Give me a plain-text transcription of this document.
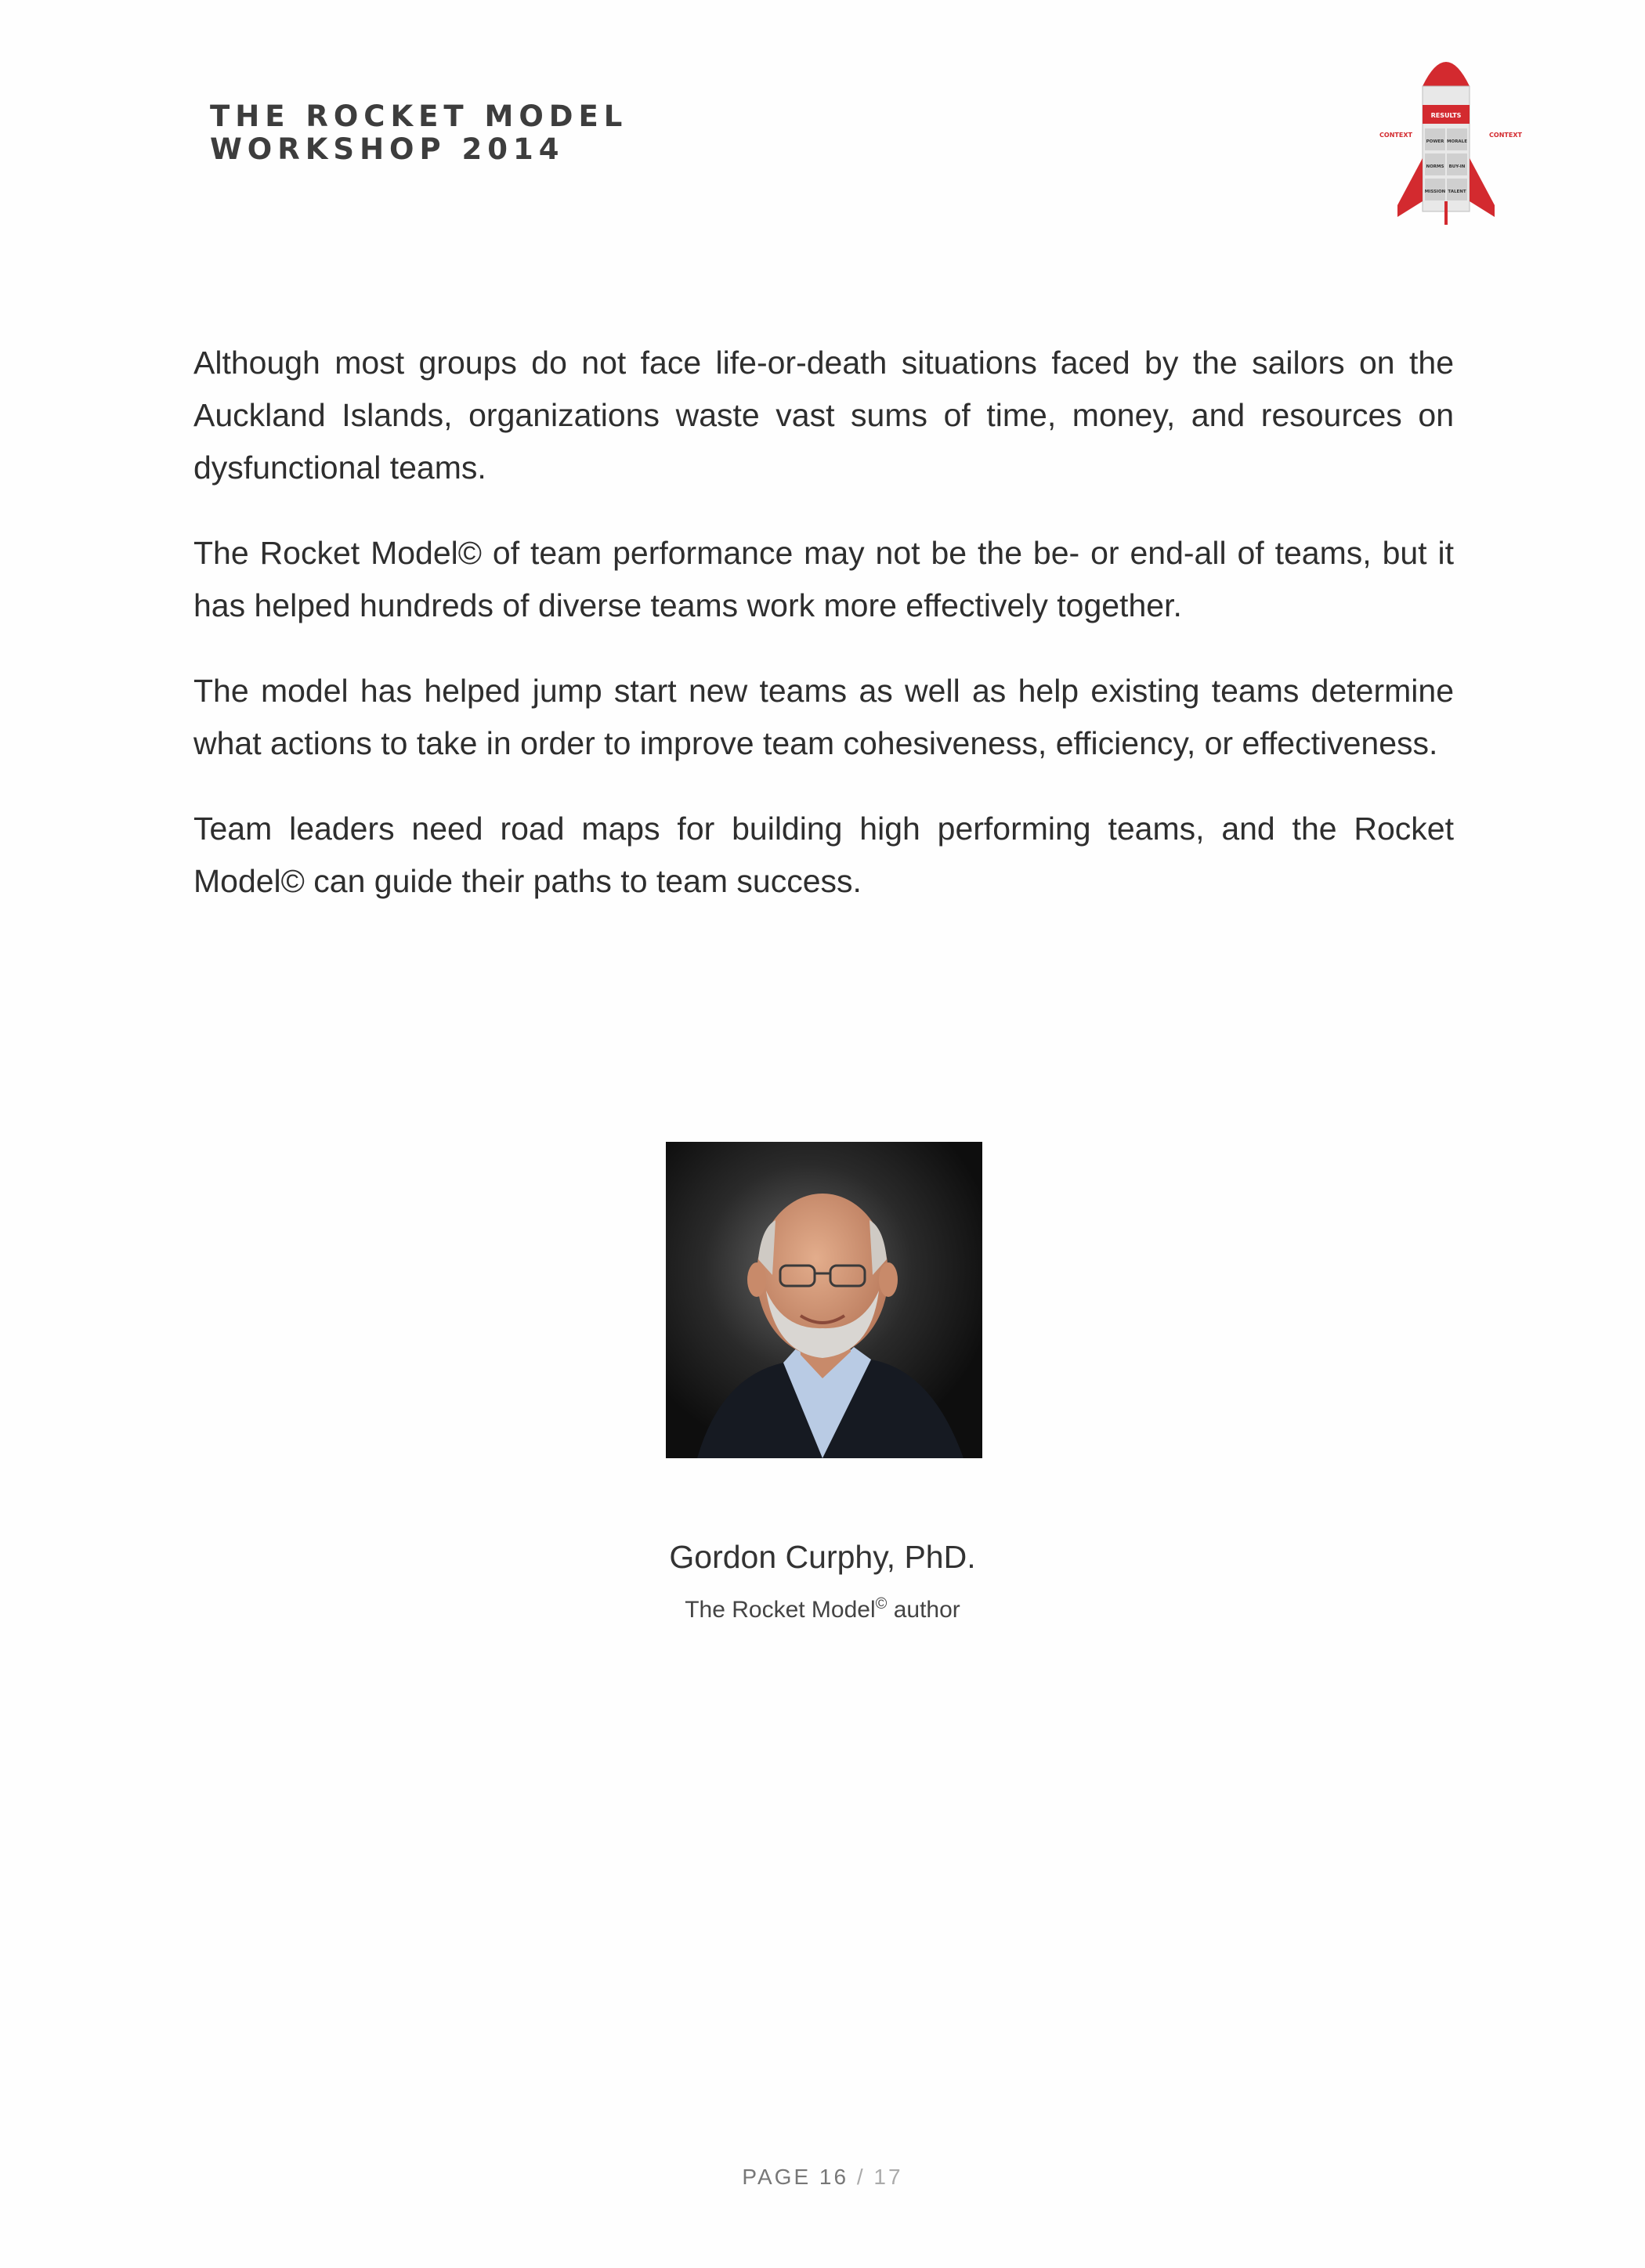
THE ROCKET MODEL
WORKSHOP 2014
RESULTS
POWER MORALE
NORMS BUY-IN
MISSION TALENT
CONTEXT	CONTEXT

Although most groups do not face life-or-death situations faced by the sailors on the Auckland Islands, organizations waste vast sums of time, money, and resources on dysfunctional teams.

The Rocket Model© of team performance may not be the be- or end-all of teams, but it has helped hundreds of diverse teams work more effectively together.

The model has helped jump start new teams as well as help existing teams determine what actions to take in order to improve team cohesiveness, efficiency, or effectiveness.

Team leaders need road maps for building high performing teams, and the Rocket Model© can guide their paths to team success.

Gordon Curphy, PhD.
The Rocket Model© author
PAGE 16 / 17
